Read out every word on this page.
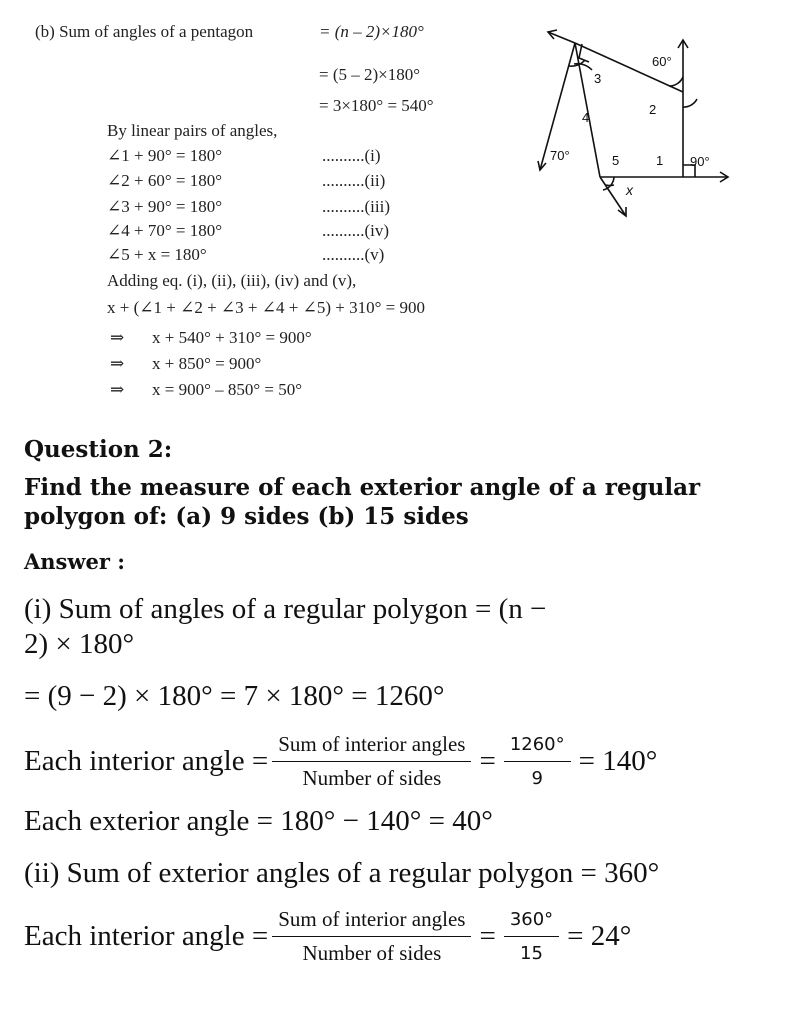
(b) Sum of angles of a pentagon	= (n – 2)×180°
= (5 – 2)×180°
= 3×180° = 540°
By linear pairs of angles,
∠1 + 90° = 180°	..........(i)
∠2 + 60° = 180°	..........(ii)
∠3 + 90° = 180°	..........(iii)
∠4 + 70° = 180°	..........(iv)
∠5 + x = 180°	..........(v)
Adding eq. (i), (ii), (iii), (iv) and (v),
x + (∠1 + ∠2 + ∠3 + ∠4 + ∠5) + 310° = 900
⇒ x + 540° + 310° = 900°
⇒ x + 850° = 900°
⇒ x = 900° – 850° = 50°
60°
2
3
4
70°	5	1 90°
x
Question 2:
Find the measure of each exterior angle of a regular
polygon of: (a) 9 sides (b) 15 sides
Answer :
(i) Sum of angles of a regular polygon = (n −
2) × 180°
= (9 − 2) × 180° = 7 × 180° = 1260°
Each interior angle = $\frac{\text{Sum of interior angles}}{\text{Number of sides}} = \frac{1260^\circ}{9} = 140^\circ$
Each exterior angle = 180° − 140° = 40°
(ii) Sum of exterior angles of a regular polygon = 360°
Each interior angle = $\frac{\text{Sum of interior angles}}{\text{Number of sides}} = \frac{360^\circ}{15} = 24^\circ$
